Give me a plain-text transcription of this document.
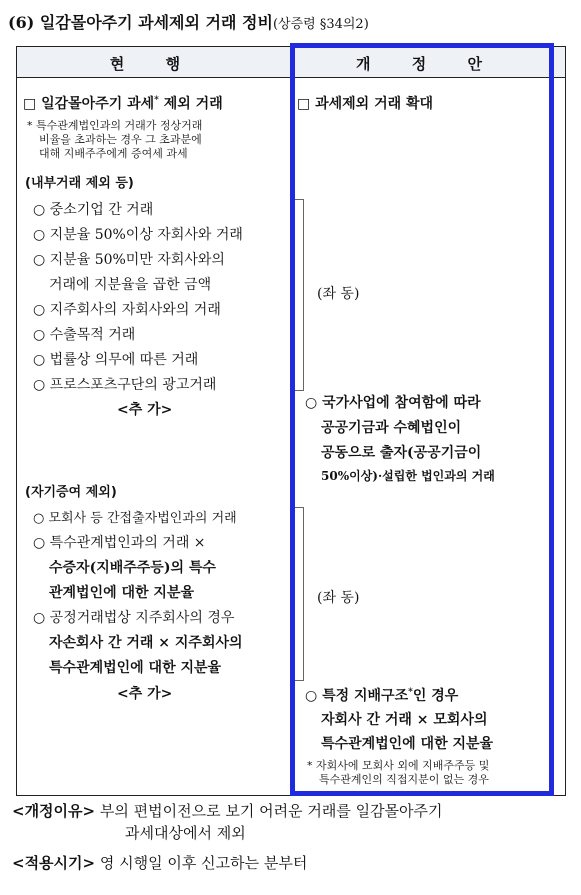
(6) 일감몰아주기 과세제외 거래 정비(상증령 §34의2)
현 행	개 정 안
□ 일감몰아주기 과세* 제외 거래
* 특수관계법인과의 거래가 정상거래
비율을 초과하는 경우 그 초과분에
대해 지배주주에게 증여세 과세
(내부거래 제외 등)
○ 중소기업 간 거래
○ 지분율 50%이상 자회사와 거래
○ 지분율 50%미만 자회사와의
거래에 지분율을 곱한 금액
○ 지주회사의 자회사와의 거래
○ 수출목적 거래
○ 법률상 의무에 따른 거래
○ 프로스포츠구단의 광고거래
<추 가>
(자기증여 제외)
○ 모회사 등 간접출자법인과의 거래
○ 특수관계법인과의 거래 ×
수증자(지배주주등)의 특수
관계법인에 대한 지분율
○ 공정거래법상 지주회사의 경우
자손회사 간 거래 × 지주회사의
특수관계법인에 대한 지분율
<추 가>
□ 과세제외 거래 확대
(좌 동)
○ 국가사업에 참여함에 따라
공공기금과 수혜법인이
공동으로 출자(공공기금이
50%이상)·설립한 법인과의 거래
(좌 동)
○ 특정 지배구조*인 경우
자회사 간 거래 × 모회사의
특수관계법인에 대한 지분율
* 자회사에 모회사 외에 지배주주등 및
특수관계인의 직접지분이 없는 경우
<개정이유> 부의 편법이전으로 보기 어려운 거래를 일감몰아주기
과세대상에서 제외
<적용시기> 영 시행일 이후 신고하는 분부터
